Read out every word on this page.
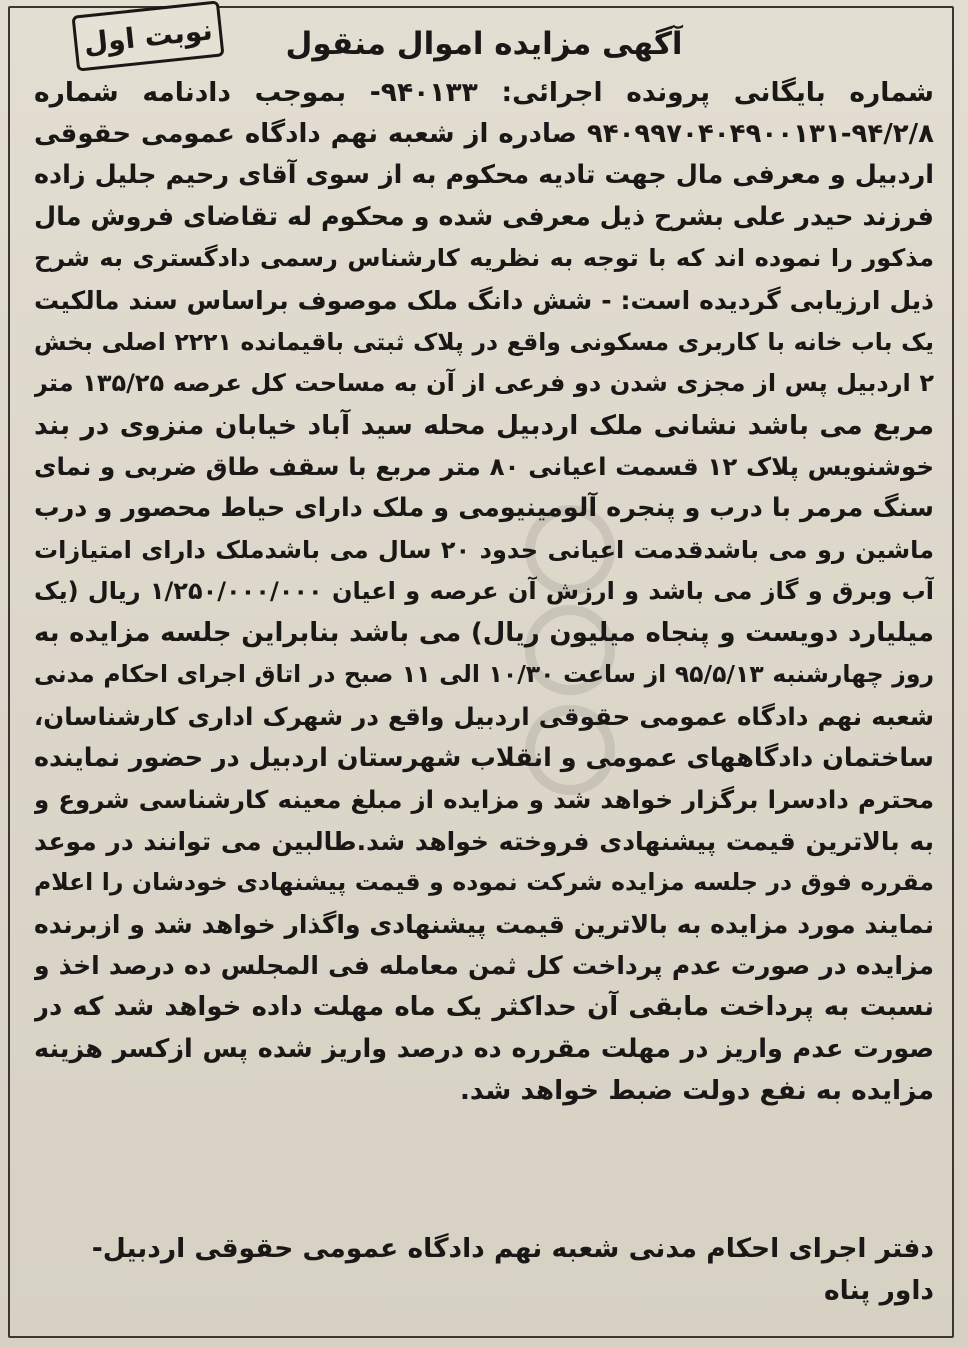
نوبت اول	آگهی مزایده اموال منقول
شماره بایگانی پرونده اجرائی: ۹۴۰۱۳۳- بموجب دادنامه شماره
۹۴۰۹۹۷۰۴۰۴۹۰۰۱۳۱-۹۴/۲/۸ صادره از شعبه نهم دادگاه عمومی حقوقی
اردبیل و معرفی مال جهت تادیه محکوم به از سوی آقای رحیم جلیل زاده
فرزند حیدر علی بشرح ذیل معرفی شده و محکوم له تقاضای فروش مال
مذکور را نموده اند که با توجه به نظریه کارشناس رسمی دادگستری به شرح
ذیل ارزیابی گردیده است: - شش دانگ ملک موصوف براساس سند مالکیت
یک باب خانه با کاربری مسکونی واقع در پلاک ثبتی باقیمانده ۲۲۲۱ اصلی بخش
۲ اردبیل پس از مجزی شدن دو فرعی از آن به مساحت کل عرصه ۱۳۵/۲۵ متر
مربع می باشد نشانی ملک اردبیل محله سید آباد خیابان منزوی در بند
خوشنویس پلاک ۱۲ قسمت اعیانی ۸۰ متر مربع با سقف طاق ضربی و نمای
سنگ مرمر با درب و پنجره آلومینیومی و ملک دارای حیاط محصور و درب
ماشین رو می باشدقدمت اعیانی حدود ۲۰ سال می باشدملک دارای امتیازات
آب وبرق و گاز می باشد و ارزش آن عرصه و اعیان ۱/۲۵۰/۰۰۰/۰۰۰ ریال (یک
میلیارد دویست و پنجاه میلیون ریال) می باشد بنابراین جلسه مزایده به
روز چهارشنبه ۹۵/۵/۱۳ از ساعت ۱۰/۳۰ الی ۱۱ صبح در اتاق اجرای احکام مدنی
شعبه نهم دادگاه عمومی حقوقی اردبیل واقع در شهرک اداری کارشناسان،
ساختمان دادگاههای عمومی و انقلاب شهرستان اردبیل در حضور نماینده
محترم دادسرا برگزار خواهد شد و مزایده از مبلغ معینه کارشناسی شروع و
به بالاترین قیمت پیشنهادی فروخته خواهد شد.طالبین می توانند در موعد
مقرره فوق در جلسه مزایده شرکت نموده و قیمت پیشنهادی خودشان را اعلام
نمایند مورد مزایده به بالاترین قیمت پیشنهادی واگذار خواهد شد و ازبرنده
مزایده در صورت عدم پرداخت کل ثمن معامله فی المجلس ده درصد اخذ و
نسبت به پرداخت مابقی آن حداکثر یک ماه مهلت داده خواهد شد که در
صورت عدم واریز در مهلت مقرره ده درصد واریز شده پس ازکسر هزینه
مزایده به نفع دولت ضبط خواهد شد.
دفتر اجرای احکام مدنی شعبه نهم دادگاه عمومی حقوقی اردبیل-
داور پناه
